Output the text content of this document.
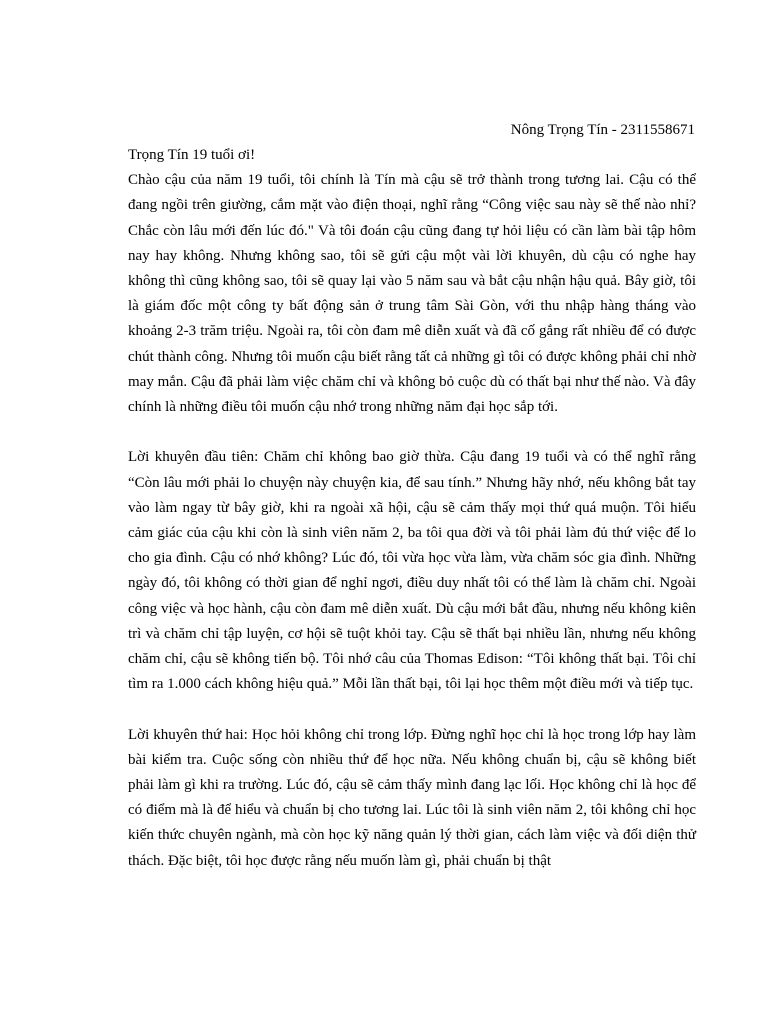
Nông Trọng Tín - 2311558671

Trọng Tín 19 tuổi ơi!

Chào cậu của năm 19 tuổi, tôi chính là Tín mà cậu sẽ trở thành trong tương lai. Cậu có thể đang ngồi trên giường, cắm mặt vào điện thoại, nghĩ rằng “Công việc sau này sẽ thế nào nhỉ? Chắc còn lâu mới đến lúc đó." Và tôi đoán cậu cũng đang tự hỏi liệu có cần làm bài tập hôm nay hay không. Nhưng không sao, tôi sẽ gửi cậu một vài lời khuyên, dù cậu có nghe hay không thì cũng không sao, tôi sẽ quay lại vào 5 năm sau và bắt cậu nhận hậu quả. Bây giờ, tôi là giám đốc một công ty bất động sản ở trung tâm Sài Gòn, với thu nhập hàng tháng vào khoảng 2-3 trăm triệu. Ngoài ra, tôi còn đam mê diễn xuất và đã cố gắng rất nhiều để có được chút thành công. Nhưng tôi muốn cậu biết rằng tất cả những gì tôi có được không phải chỉ nhờ may mắn. Cậu đã phải làm việc chăm chỉ và không bỏ cuộc dù có thất bại như thế nào. Và đây chính là những điều tôi muốn cậu nhớ trong những năm đại học sắp tới.

Lời khuyên đầu tiên: Chăm chỉ không bao giờ thừa. Cậu đang 19 tuổi và có thể nghĩ rằng “Còn lâu mới phải lo chuyện này chuyện kia, để sau tính.” Nhưng hãy nhớ, nếu không bắt tay vào làm ngay từ bây giờ, khi ra ngoài xã hội, cậu sẽ cảm thấy mọi thứ quá muộn. Tôi hiểu cảm giác của cậu khi còn là sinh viên năm 2, ba tôi qua đời và tôi phải làm đủ thứ việc để lo cho gia đình. Cậu có nhớ không? Lúc đó, tôi vừa học vừa làm, vừa chăm sóc gia đình. Những ngày đó, tôi không có thời gian để nghỉ ngơi, điều duy nhất tôi có thể làm là chăm chỉ. Ngoài công việc và học hành, cậu còn đam mê diễn xuất. Dù cậu mới bắt đầu, nhưng nếu không kiên trì và chăm chỉ tập luyện, cơ hội sẽ tuột khỏi tay. Cậu sẽ thất bại nhiều lần, nhưng nếu không chăm chỉ, cậu sẽ không tiến bộ. Tôi nhớ câu của Thomas Edison: “Tôi không thất bại. Tôi chỉ tìm ra 1.000 cách không hiệu quả.” Mỗi lần thất bại, tôi lại học thêm một điều mới và tiếp tục.

Lời khuyên thứ hai: Học hỏi không chỉ trong lớp. Đừng nghĩ học chỉ là học trong lớp hay làm bài kiểm tra. Cuộc sống còn nhiều thứ để học nữa. Nếu không chuẩn bị, cậu sẽ không biết phải làm gì khi ra trường. Lúc đó, cậu sẽ cảm thấy mình đang lạc lối. Học không chỉ là học để có điểm mà là để hiểu và chuẩn bị cho tương lai. Lúc tôi là sinh viên năm 2, tôi không chỉ học kiến thức chuyên ngành, mà còn học kỹ năng quản lý thời gian, cách làm việc và đối diện thử thách. Đặc biệt, tôi học được rằng nếu muốn làm gì, phải chuẩn bị thật
